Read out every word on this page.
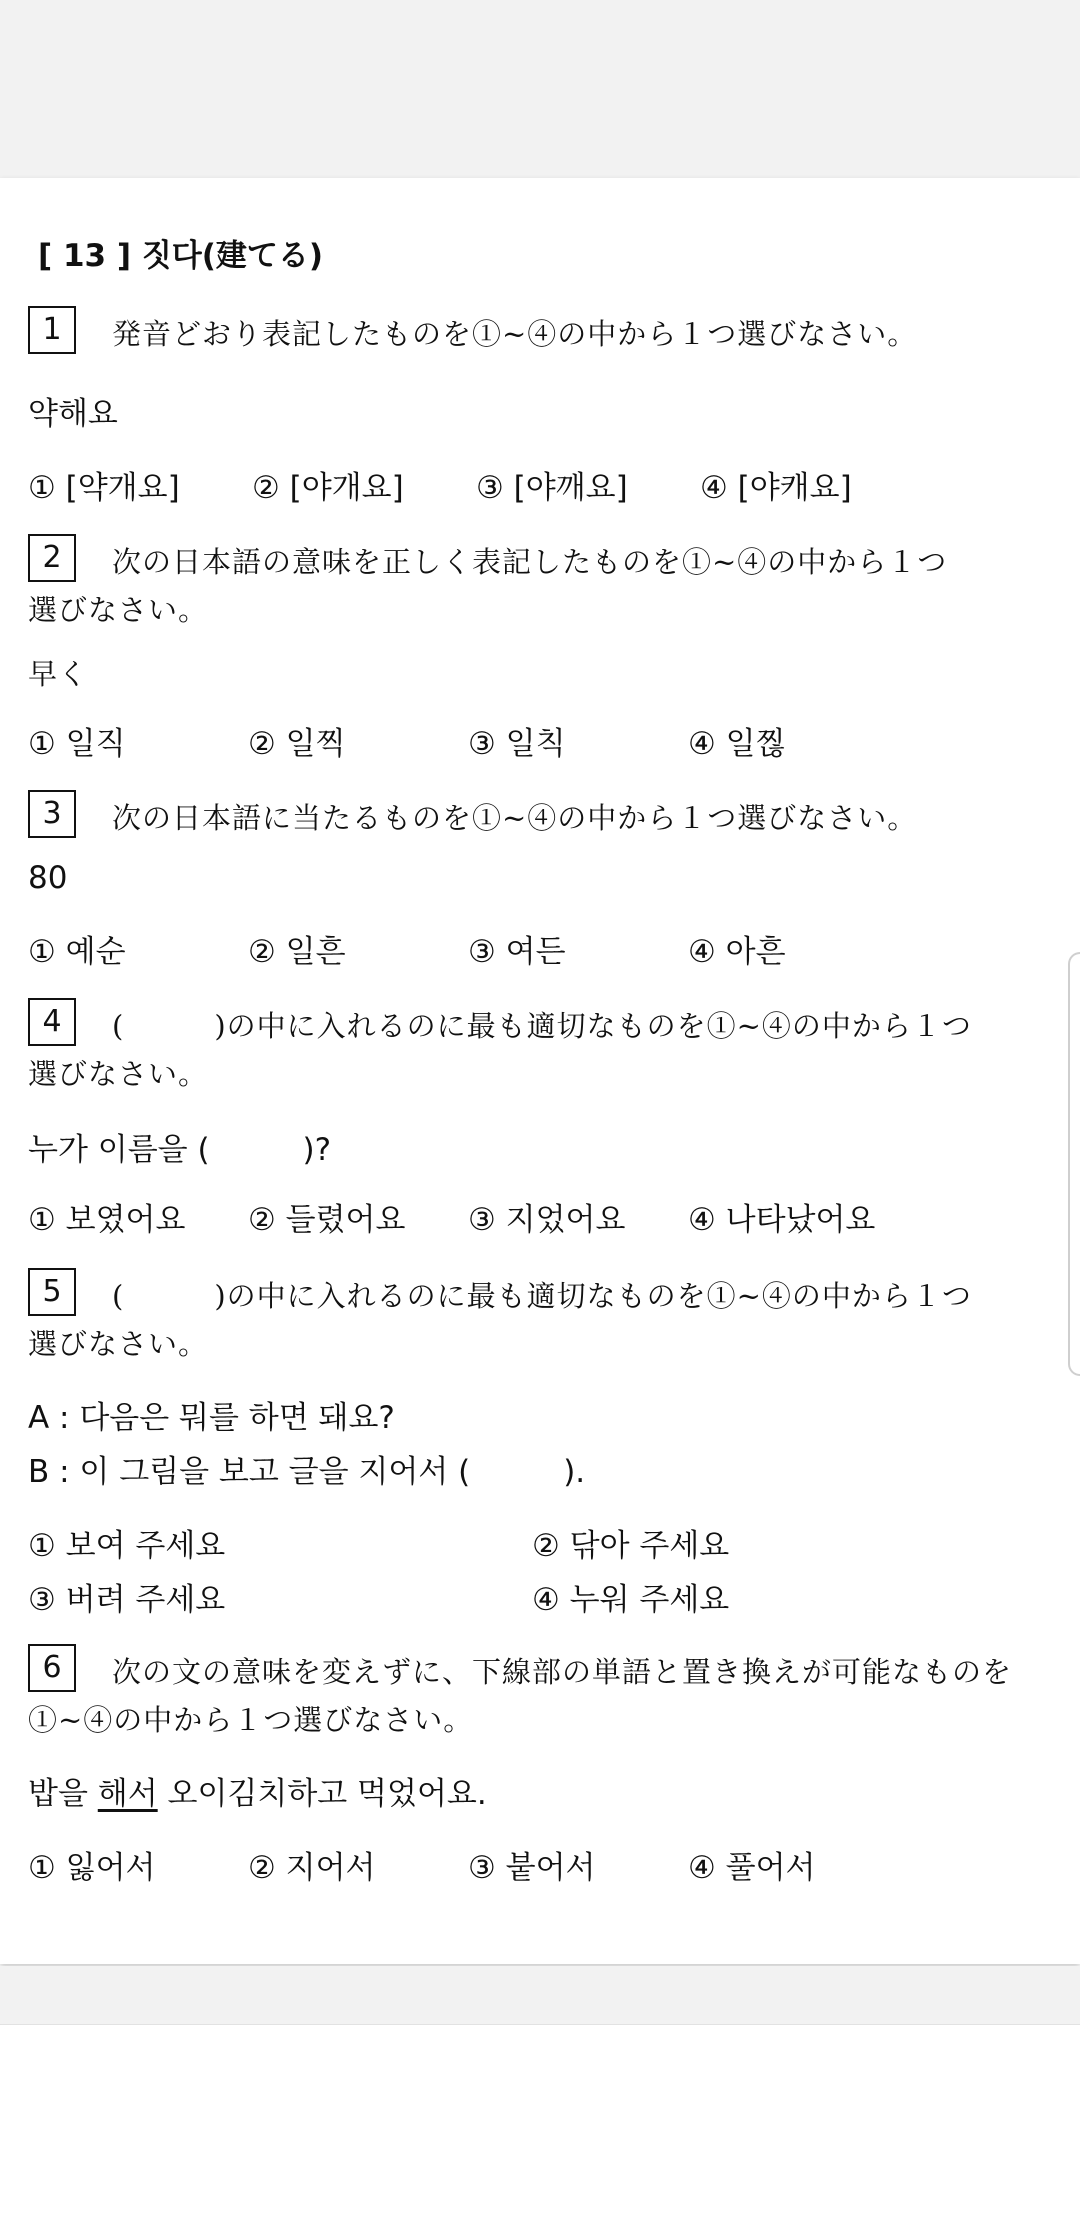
[ 13 ] 짓다(建てる)
1	発音どおり表記したものを①~④の中から１つ選びなさい。
약해요
① [약개요] ② [야개요] ③ [야깨요] ④ [야캐요]
2	次の日本語の意味を正しく表記したものを①~④の中から１つ
選びなさい。
早く
① 일직	② 일찍	③ 일칙	④ 일찒
3	次の日本語に当たるものを①~④の中から１つ選びなさい。
80
① 예순	② 일흔	③ 여든	④ 아흔
4	(　　　)の中に入れるのに最も適切なものを①~④の中から１つ
選びなさい。
누가 이름을 (　　　)?
① 보였어요 ② 들렸어요 ③ 지었어요 ④ 나타났어요
5	(　　　)の中に入れるのに最も適切なものを①~④の中から１つ
選びなさい。
A : 다음은 뭐를 하면 돼요?
B : 이 그림을 보고 글을 지어서 (　　　).
① 보여 주세요	② 닦아 주세요
③ 버려 주세요	④ 누워 주세요
6	次の文の意味を変えずに、下線部の単語と置き換えが可能なものを
①~④の中から１つ選びなさい。
밥을 해서 오이김치하고 먹었어요.
① 잃어서	② 지어서	③ 붙어서	④ 풀어서
